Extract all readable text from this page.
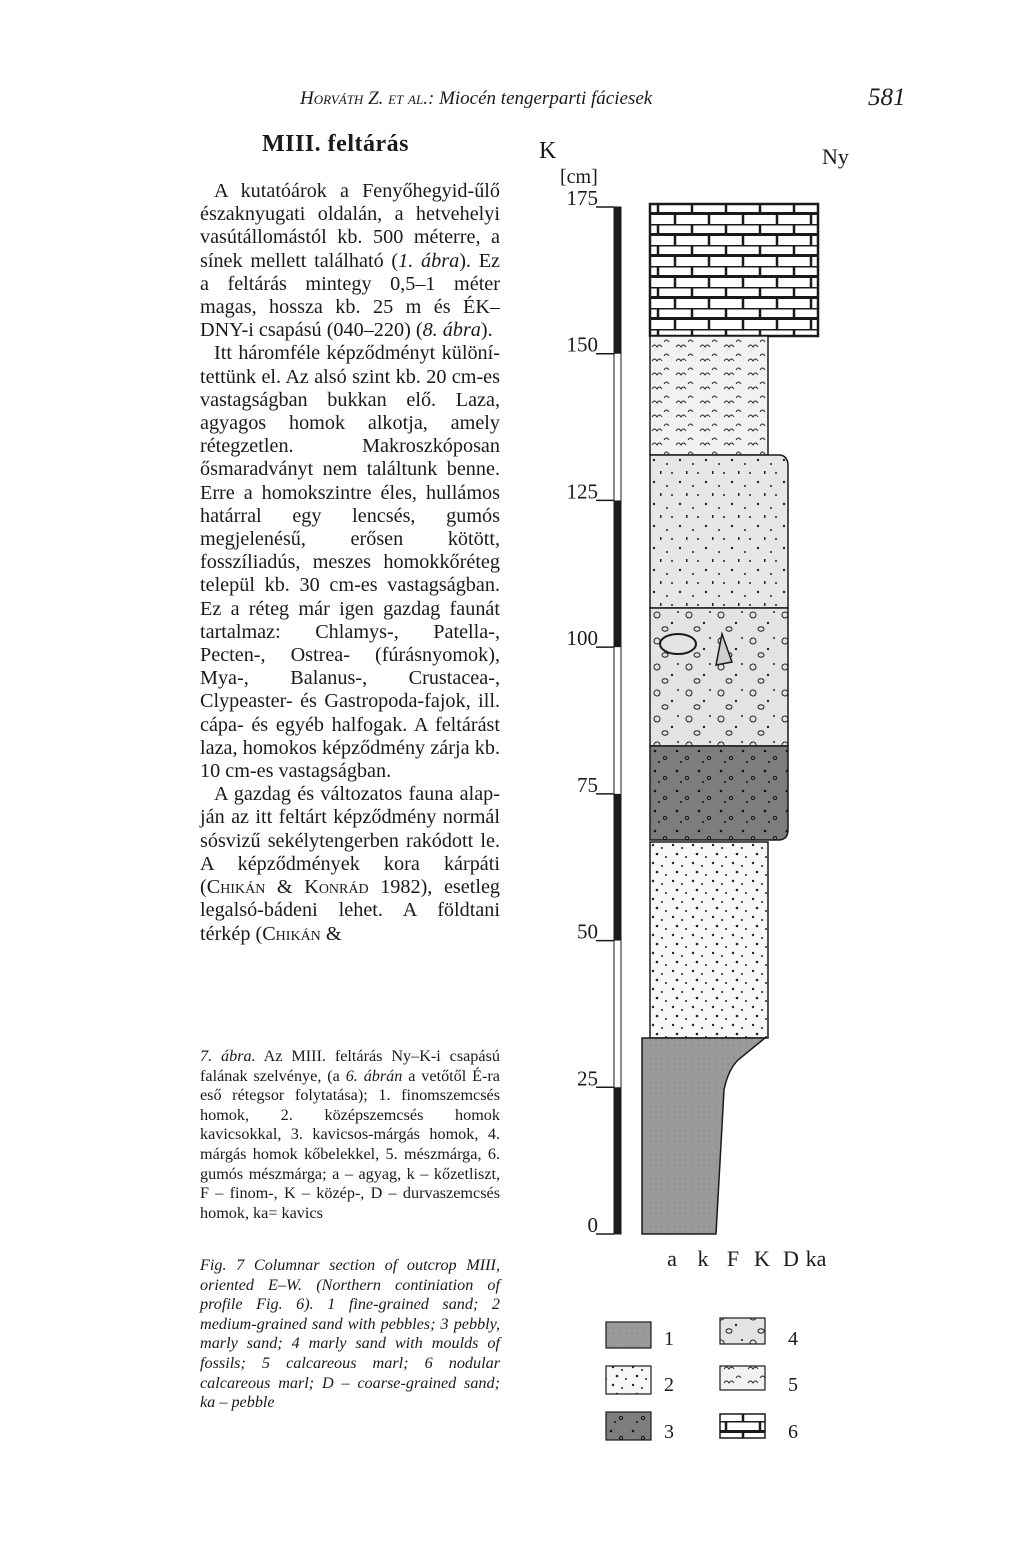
Horváth Z. et al.: Miocén tengerparti fáciesek	581
MIII. feltárás

A kutatóárok a Fenyőhegyid-űlő északnyugati oldalán, a hetvehelyi vasútállomástól kb. 500 méterre, a sínek mellett található (1. ábra). Ez a feltárás mintegy 0,5–1 méter magas, hossza kb. 25 m és ÉK–DNY-i csapású (040–220) (8. ábra).

Itt háromféle képződményt különítettünk el. Az alsó szint kb. 20 cm-es vastagságban bukkan elő. Laza, agyagos homok alkotja, amely rétegzetlen. Makroszkóposan ősmaradványt nem találtunk benne. Erre a homokszintre éles, hullámos határral egy lencsés, gumós megjelenésű, erősen kötött, fosszíliadús, meszes homokkőréteg települ kb. 30 cm-es vastagságban. Ez a réteg már igen gazdag faunát tartalmaz: Chlamys-, Patella-, Pecten-, Ostrea- (fúrásnyomok), Mya-, Balanus-, Crustacea-, Clypeaster- és Gastropoda-fajok, ill. cápa- és egyéb halfogak. A feltárást laza, homokos képződmény zárja kb. 10 cm-es vastagságban.

A gazdag és változatos fauna alapján az itt feltárt képződmény normál sósvizű sekélytengerben rakódott le. A képződmények kora kárpáti (Chikán & Konrád 1982), esetleg legalsó-bádeni lehet. A földtani térkép (Chikán &

7. ábra. Az MIII. feltárás Ny–K-i csapású falának szelvénye, (a 6. ábrán a vetőtől É-ra eső rétegsor folytatása); 1. finomszemcsés homok, 2. középszemcsés homok kavicsokkal, 3. kavicsos-márgás homok, 4. márgás homok kőbelekkel, 5. mészmárga, 6. gumós mészmárga; a – agyag, k – kőzetliszt, F – finom-, K – közép-, D – durvaszemcsés homok, ka= kavics
Fig. 7 Columnar section of outcrop MIII, oriented E–W. (Northern continiation of profile Fig. 6). 1 fine-grained sand; 2 medium-grained sand with pebbles; 3 pebbly, marly sand; 4 marly sand with moulds of fossils; 5 calcareous marl; 6 nodular calcareous marl; D – coarse-grained sand; ka – pebble
K	Ny
[cm]
175
150
125
100
75
50
25
0
a k F K D ka
1
2
3
4
5
6
